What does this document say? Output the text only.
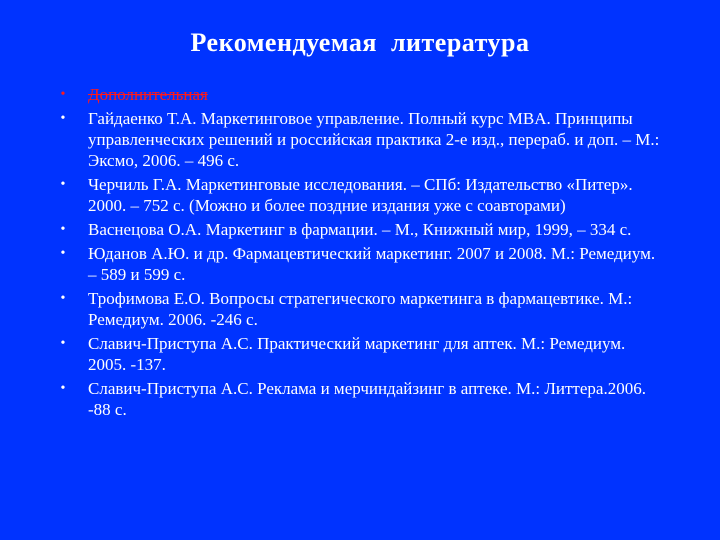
Рекомендуемая  литература
• Дополнительная
• Гайдаенко Т.А. Маркетинговое управление. Полный курс MBA. Принципы управленческих решений и российская практика 2-е изд., перераб. и доп. – М.: Эксмо, 2006. – 496 с.
• Черчиль Г.А. Маркетинговые исследования. – СПб: Издательство «Питер». 2000. – 752 с. (Можно и более поздние издания уже с соавторами)
• Васнецова О.А. Маркетинг в фармации. – М., Книжный мир, 1999, – 334 с.
• Юданов А.Ю. и др. Фармацевтический маркетинг. 2007 и 2008. М.: Ремедиум. – 589 и 599 с.
• Трофимова Е.О. Вопросы стратегического маркетинга в фармацевтике. М.: Ремедиум. 2006. -246 с.
• Славич-Приступа А.С. Практический маркетинг для аптек. М.: Ремедиум. 2005. -137.
• Славич-Приступа А.С. Реклама и мерчиндайзинг в аптеке. М.: Литтера.2006. -88 с.
